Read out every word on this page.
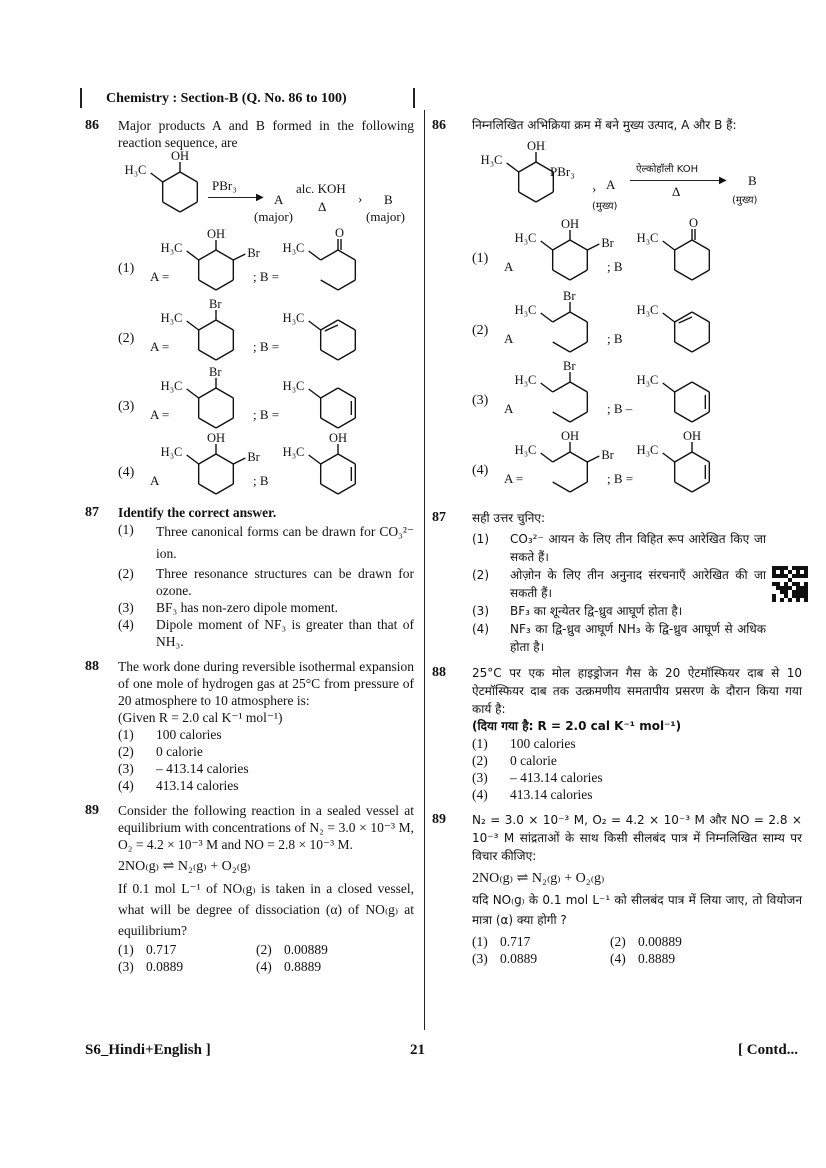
Chemistry : Section-B (Q. No. 86 to 100)
86 Major products A and B formed in the following reaction sequence, are
H₃C
OH
PBr₃
▶ A
(major)
alc. KOH
Δ
› B
(major)
(1)
A =
H₃C
OH
Br
; B =
H₃C
O
(2)
A =
H₃C
Br
; B =
H₃C
(3)
A =
H₃C
Br
; B =
H₃C
(4)
A
H₃C
OH
Br
; B
H₃C
OH
86 निम्नलिखित अभिक्रिया क्रम में बने मुख्य उत्पाद, A और B हैं:
H₃C
OH
PBr₃
› A
(मुख्य)
ऐल्कोहॉली KOH
▶
Δ
B
(मुख्य)
(1)
A
H₃C
OH
Br
; B
H₃C
O
(2)
A
H₃C
Br
; B
H₃C
(3)
A
H₃C
Br
; B –
H₃C
(4)
A =
H₃C
OH
Br
; B =
H₃C
OH
87	Identify the correct answer.
(1)	Three canonical forms can be drawn for CO₃²⁻ ion.
(2)	Three resonance structures can be drawn for ozone.
(3)	BF₃ has non-zero dipole moment.
(4)	Dipole moment of NF₃ is greater than that of NH₃.
88	The work done during reversible isothermal expansion of one mole of hydrogen gas at 25°C from pressure of 20 atmosphere to 10 atmosphere is:
(Given R = 2.0 cal K⁻¹ mol⁻¹)
(1)	100 calories
(2)	0 calorie
(3)	– 413.14 calories
(4)	413.14 calories
89	Consider the following reaction in a sealed vessel at equilibrium with concentrations of N₂ = 3.0 × 10⁻³ M, O₂ = 4.2 × 10⁻³ M and NO = 2.8 × 10⁻³ M.
2NO₍g₎ ⇌ N₂₍g₎ + O₂₍g₎
If 0.1 mol L⁻¹ of NO₍g₎ is taken in a closed vessel, what will be degree of dissociation (α) of NO₍g₎ at equilibrium?
(1) 0.717	(2) 0.00889
(3) 0.0889	(4) 0.8889
87	सही उत्तर चुनिए:
(1)	CO₃²⁻ आयन के लिए तीन विहित रूप आरेखित किए जा सकते हैं।
(2)	ओज़ोन के लिए तीन अनुनाद संरचनाएँ आरेखित की जा सकती हैं।
(3)	BF₃ का शून्येतर द्वि-ध्रुव आघूर्ण होता है।
(4)	NF₃ का द्वि-ध्रुव आघूर्ण NH₃ के द्वि-ध्रुव आघूर्ण से अधिक होता है।
88	25°C पर एक मोल हाइड्रोजन गैस के 20 ऐटमॉस्फियर दाब से 10 ऐटमॉस्फियर दाब तक उत्क्रमणीय समतापीय प्रसरण के दौरान किया गया कार्य है:
(दिया गया है: R = 2.0 cal K⁻¹ mol⁻¹)
(1)	100 calories
(2)	0 calorie
(3)	– 413.14 calories
(4)	413.14 calories
89	N₂ = 3.0 × 10⁻³ M, O₂ = 4.2 × 10⁻³ M और NO = 2.8 × 10⁻³ M सांद्रताओं के साथ किसी सीलबंद पात्र में निम्नलिखित साम्य पर विचार कीजिए:
2NO₍g₎ ⇌ N₂₍g₎ + O₂₍g₎
यदि NO₍g₎ के 0.1 mol L⁻¹ को सीलबंद पात्र में लिया जाए, तो वियोजन मात्रा (α) क्या होगी ?
(1) 0.717	(2) 0.00889
(3) 0.0889	(4) 0.8889
S6_Hindi+English ]	21	[ Contd...
